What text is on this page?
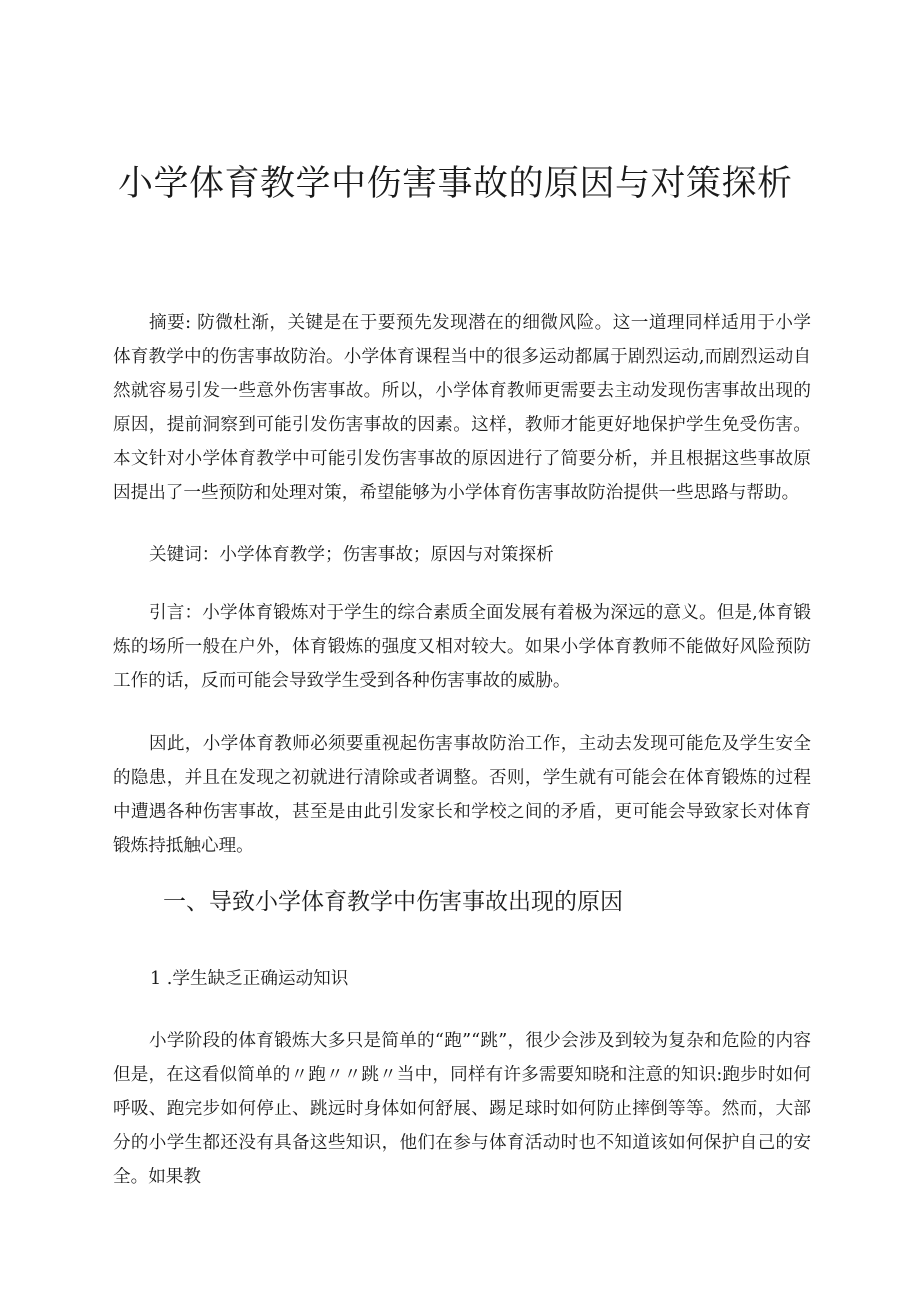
小学体育教学中伤害事故的原因与对策探析

摘要: 防微杜渐，关键是在于要预先发现潜在的细微风险。这一道理同样适用于小学体育教学中的伤害事故防治。小学体育课程当中的很多运动都属于剧烈运动,而剧烈运动自然就容易引发一些意外伤害事故。所以，小学体育教师更需要去主动发现伤害事故出现的原因，提前洞察到可能引发伤害事故的因素。这样，教师才能更好地保护学生免受伤害。本文针对小学体育教学中可能引发伤害事故的原因进行了简要分析，并且根据这些事故原因提出了一些预防和处理对策，希望能够为小学体育伤害事故防治提供一些思路与帮助。

关键词：小学体育教学；伤害事故；原因与对策探析

引言：小学体育锻炼对于学生的综合素质全面发展有着极为深远的意义。但是,体育锻炼的场所一般在户外，体育锻炼的强度又相对较大。如果小学体育教师不能做好风险预防工作的话，反而可能会导致学生受到各种伤害事故的威胁。

因此，小学体育教师必须要重视起伤害事故防治工作，主动去发现可能危及学生安全的隐患，并且在发现之初就进行清除或者调整。否则，学生就有可能会在体育锻炼的过程中遭遇各种伤害事故，甚至是由此引发家长和学校之间的矛盾，更可能会导致家长对体育锻炼持抵触心理。

一、导致小学体育教学中伤害事故出现的原因
1 .学生缺乏正确运动知识

小学阶段的体育锻炼大多只是简单的“跑”“跳”，很少会涉及到较为复杂和危险的内容但是，在这看似简单的〃跑〃〃跳〃当中，同样有许多需要知晓和注意的知识:跑步时如何呼吸、跑完步如何停止、跳远时身体如何舒展、踢足球时如何防止摔倒等等。然而，大部分的小学生都还没有具备这些知识，他们在参与体育活动时也不知道该如何保护自己的安全。如果教
